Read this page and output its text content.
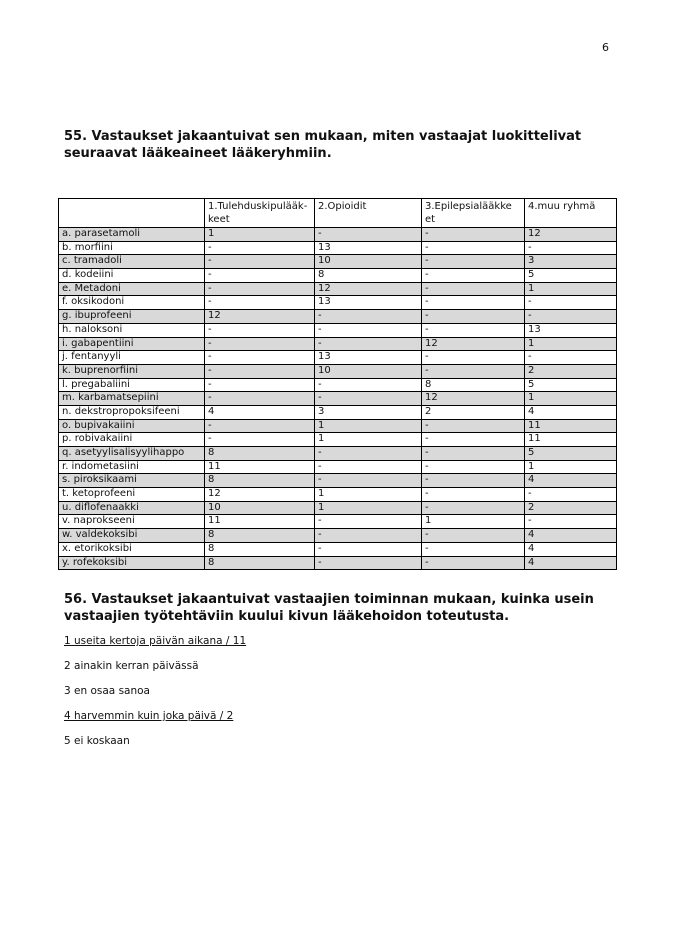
6

55. Vastaukset jakaantuivat sen mukaan, miten vastaajat luokittelivat seuraavat lääkeaineet lääkeryhmiin.

	1.Tulehduskipulääk-keet	2.Opioidit	3.Epilepsialääkke et	4.muu ryhmä
a. parasetamoli	1	-	-	12
b. morfiini	-	13	-	-
c. tramadoli	-	10	-	3
d. kodeiini	-	8	-	5
e. Metadoni	-	12	-	1
f. oksikodoni	-	13	-	-
g. ibuprofeeni	12	-	-	-
h. naloksoni	-	-	-	13
i. gabapentiini	-	-	12	1
j. fentanyyli	-	13	-	-
k. buprenorfiini	-	10	-	2
l. pregabaliini	-	-	8	5
m. karbamatsepiini	-	-	12	1
n. dekstropropoksifeeni	4	3	2	4
o. bupivakaiini	-	1	-	11
p. robivakaiini	-	1	-	11
q. asetyylisalisyylihappo	8	-	-	5
r. indometasiini	11	-	-	1
s. piroksikaami	8	-	-	4
t. ketoprofeeni	12	1	-	-
u. diflofenaakki	10	1	-	2
v. naprokseeni	11	-	1	-
w. valdekoksibi	8	-	-	4
x. etorikoksibi	8	-	-	4
y. rofekoksibi	8	-	-	4

56. Vastaukset jakaantuivat vastaajien toiminnan mukaan, kuinka usein vastaajien työtehtäviin kuului kivun lääkehoidon toteutusta.

1 useita kertoja päivän aikana / 11
2 ainakin kerran päivässä
3 en osaa sanoa
4 harvemmin kuin joka päivä / 2
5 ei koskaan
